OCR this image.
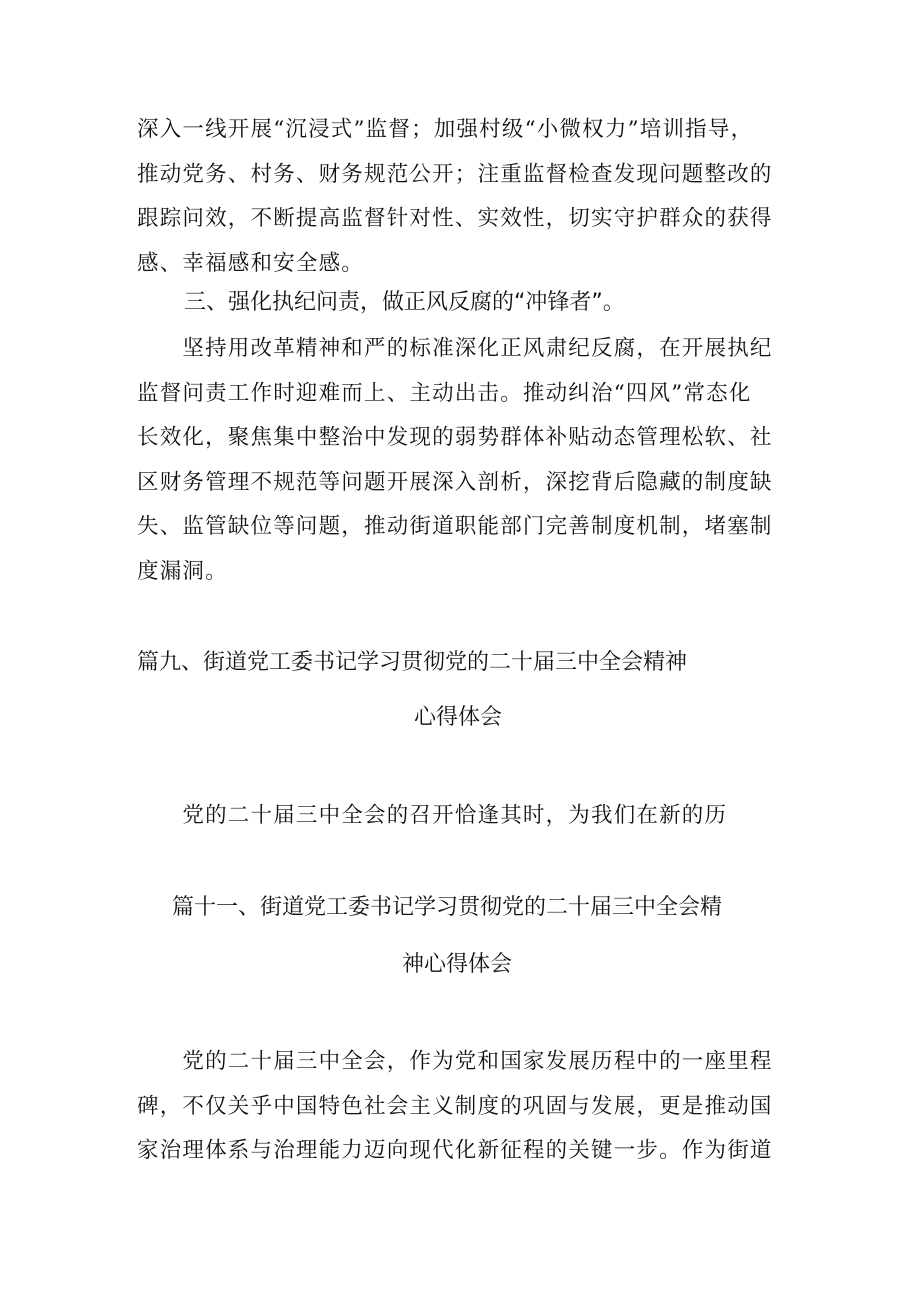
深入一线开展“沉浸式”监督；加强村级“小微权力”培训指导，
推动党务、村务、财务规范公开；注重监督检查发现问题整改的
跟踪问效，不断提高监督针对性、实效性，切实守护群众的获得
感、幸福感和安全感。
三、强化执纪问责，做正风反腐的“冲锋者”。
　　坚持用改革精神和严的标准深化正风肃纪反腐，在开展执纪
监督问责工作时迎难而上、主动出击。推动纠治“四风”常态化
长效化，聚焦集中整治中发现的弱势群体补贴动态管理松软、社
区财务管理不规范等问题开展深入剖析，深挖背后隐藏的制度缺
失、监管缺位等问题，推动街道职能部门完善制度机制，堵塞制
度漏洞。
篇九、街道党工委书记学习贯彻党的二十届三中全会精神
心得体会
　　党的二十届三中全会的召开恰逢其时，为我们在新的历
篇十一、街道党工委书记学习贯彻党的二十届三中全会精
神心得体会
　　党的二十届三中全会，作为党和国家发展历程中的一座里程
碑，不仅关乎中国特色社会主义制度的巩固与发展，更是推动国
家治理体系与治理能力迈向现代化新征程的关键一步。作为街道
